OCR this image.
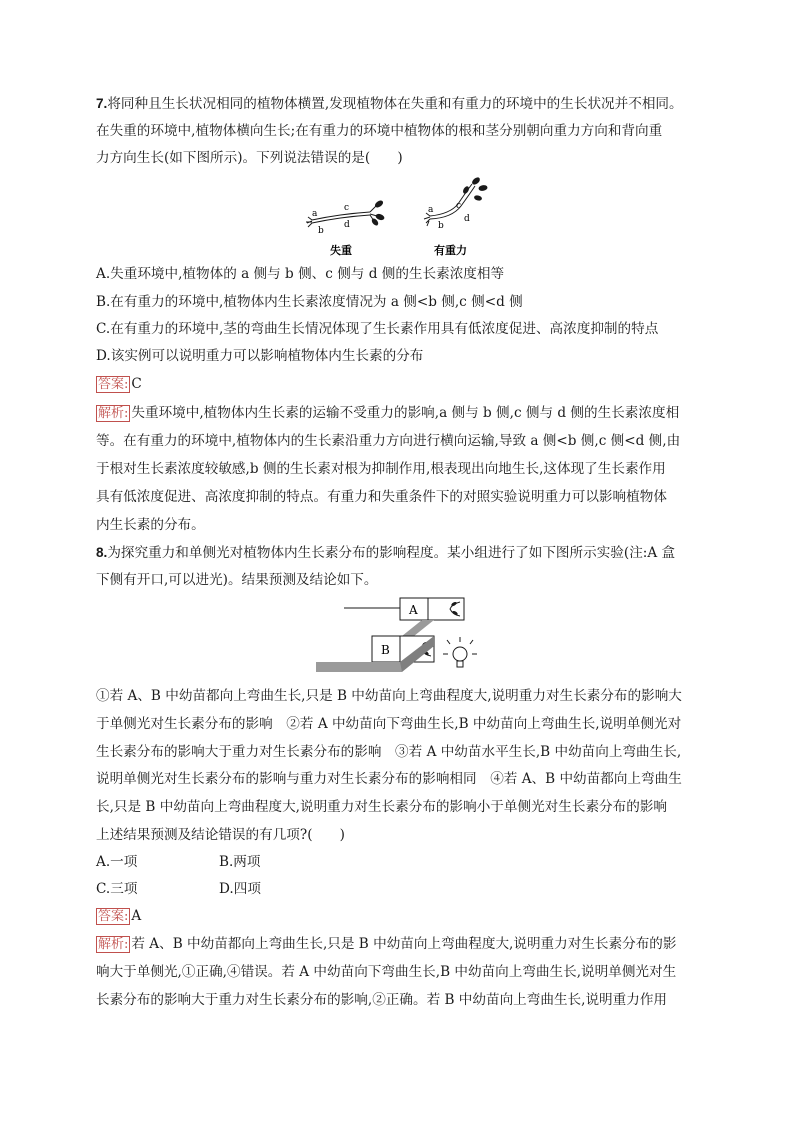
7.将同种且生长状况相同的植物体横置,发现植物体在失重和有重力的环境中的生长状况并不相同。
在失重的环境中,植物体横向生长;在有重力的环境中植物体的根和茎分别朝向重力方向和背向重
力方向生长(如下图所示)。下列说法错误的是(　　)
a
b
c
d
失重
a
b
c
d
有重力
A.失重环境中,植物体的 a 侧与 b 侧、c 侧与 d 侧的生长素浓度相等
B.在有重力的环境中,植物体内生长素浓度情况为 a 侧<b 侧,c 侧<d 侧
C.在有重力的环境中,茎的弯曲生长情况体现了生长素作用具有低浓度促进、高浓度抑制的特点
D.该实例可以说明重力可以影响植物体内生长素的分布
答案: C
解析: 失重环境中,植物体内生长素的运输不受重力的影响,a 侧与 b 侧,c 侧与 d 侧的生长素浓度相
等。在有重力的环境中,植物体内的生长素沿重力方向进行横向运输,导致 a 侧<b 侧,c 侧<d 侧,由
于根对生长素浓度较敏感,b 侧的生长素对根为抑制作用,根表现出向地生长,这体现了生长素作用
具有低浓度促进、高浓度抑制的特点。有重力和失重条件下的对照实验说明重力可以影响植物体
内生长素的分布。
8.为探究重力和单侧光对植物体内生长素分布的影响程度。某小组进行了如下图所示实验(注:A 盒
下侧有开口,可以进光)。结果预测及结论如下。
A
B
①若 A、B 中幼苗都向上弯曲生长,只是 B 中幼苗向上弯曲程度大,说明重力对生长素分布的影响大
于单侧光对生长素分布的影响　②若 A 中幼苗向下弯曲生长,B 中幼苗向上弯曲生长,说明单侧光对
生长素分布的影响大于重力对生长素分布的影响　③若 A 中幼苗水平生长,B 中幼苗向上弯曲生长,
说明单侧光对生长素分布的影响与重力对生长素分布的影响相同　④若 A、B 中幼苗都向上弯曲生
长,只是 B 中幼苗向上弯曲程度大,说明重力对生长素分布的影响小于单侧光对生长素分布的影响
上述结果预测及结论错误的有几项?(　　)
A.一项	B.两项
C.三项	D.四项
答案: A
解析: 若 A、B 中幼苗都向上弯曲生长,只是 B 中幼苗向上弯曲程度大,说明重力对生长素分布的影
响大于单侧光,①正确,④错误。若 A 中幼苗向下弯曲生长,B 中幼苗向上弯曲生长,说明单侧光对生
长素分布的影响大于重力对生长素分布的影响,②正确。若 B 中幼苗向上弯曲生长,说明重力作用
